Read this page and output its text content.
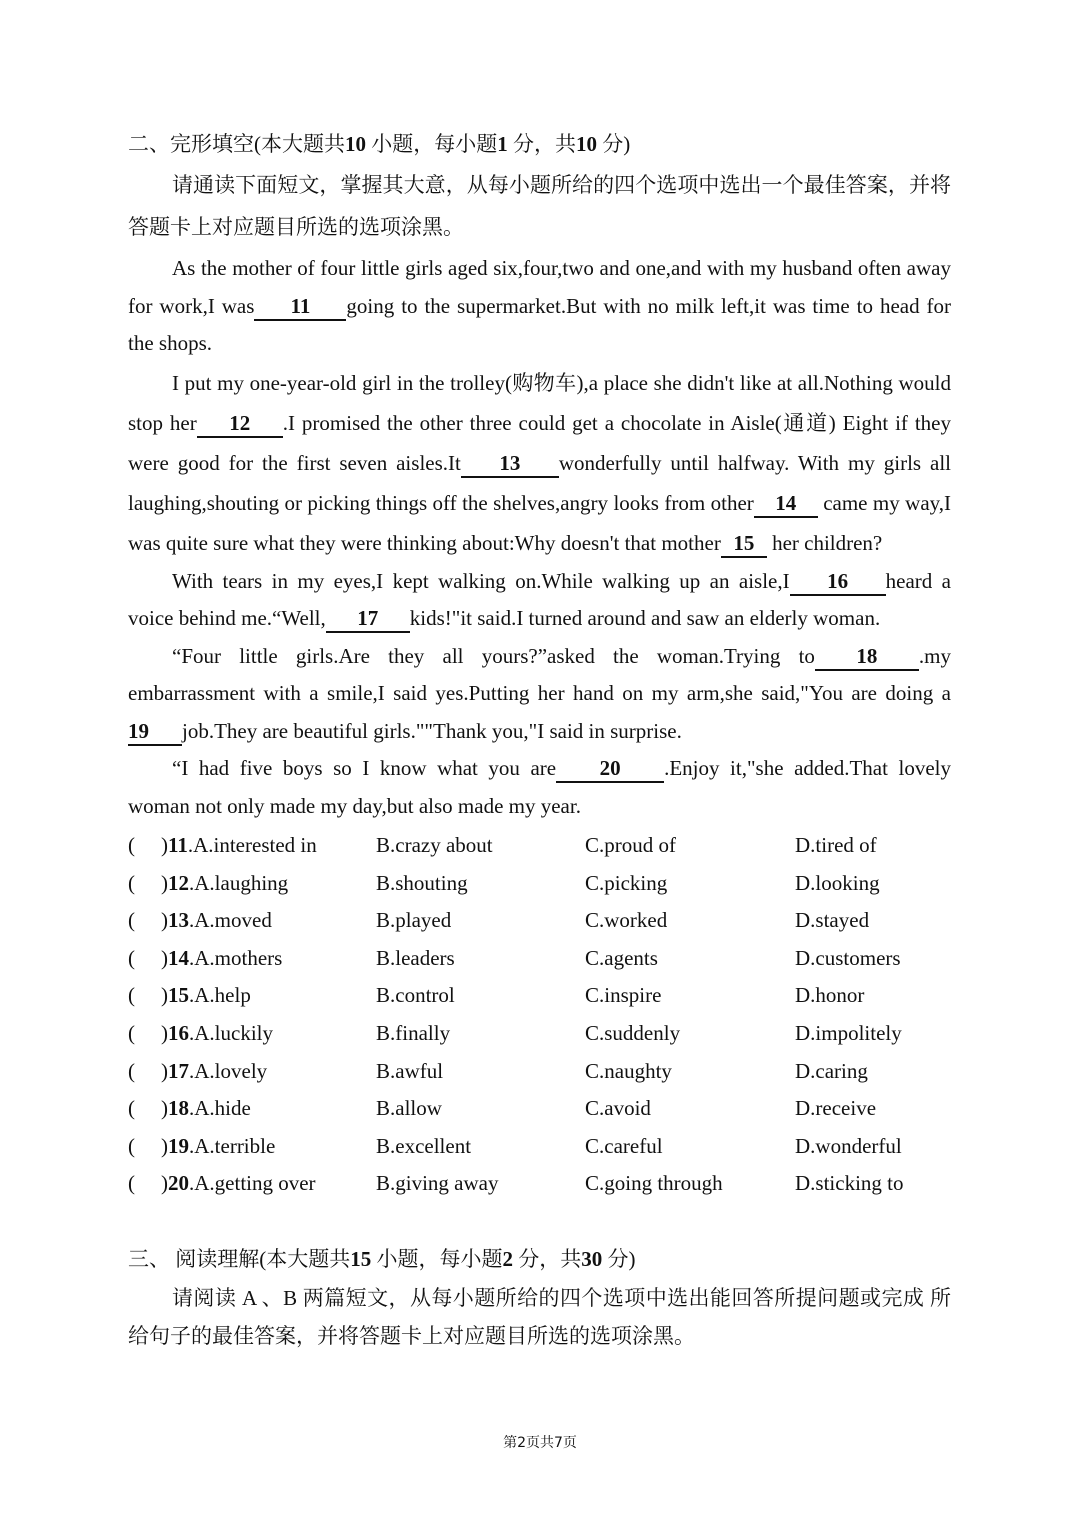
二、完形填空(本大题共10 小题，每小题1 分，共10 分)

请通读下面短文，掌握其大意，从每小题所给的四个选项中选出一个最佳答案，并将答题卡上对应题目所选的选项涂黑。

As the mother of four little girls aged six,four,two and one,and with my husband often away for work,I was 11 going to the supermarket.But with no milk left,it was time to head for the shops.

I put my one-year-old girl in the trolley(购物车),a place she didn't like at all.Nothing would stop her 12 .I promised the other three could get a chocolate in Aisle(通道) Eight if they were good for the first seven aisles.It 13 wonderfully until halfway. With my girls all laughing,shouting or picking things off the shelves,angry looks from other 14 came my way,I was quite sure what they were thinking about:Why doesn't that mother 15 her children?

With tears in my eyes,I kept walking on.While walking up an aisle,I 16 heard a voice behind me.“Well, 17 kids!"it said.I turned around and saw an elderly woman.

“Four little girls.Are they all yours?”asked the woman.Trying to 18 .my embarrassment with a smile,I said yes.Putting her hand on my arm,she said,"You are doing a 19 job.They are beautiful girls.""Thank you,"I said in surprise.

“I had five boys so I know what you are 20 .Enjoy it,"she added.That lovely woman not only made my day,but also made my year.

( ) 11.A.interested in	B.crazy about	C.proud of	D.tired of
( ) 12.A.laughing	B.shouting	C.picking	D.looking
( ) 13.A.moved	B.played	C.worked	D.stayed
( ) 14.A.mothers	B.leaders	C.agents	D.customers
( ) 15.A.help	B.control	C.inspire	D.honor
( ) 16.A.luckily	B.finally	C.suddenly	D.impolitely
( ) 17.A.lovely	B.awful	C.naughty	D.caring
( ) 18.A.hide	B.allow	C.avoid	D.receive
( ) 19.A.terrible	B.excellent	C.careful	D.wonderful
( ) 20.A.getting over	B.giving away	C.going through	D.sticking to

三、 阅读理解(本大题共15 小题，每小题2 分，共30 分)

请阅读 A 、B 两篇短文，从每小题所给的四个选项中选出能回答所提问题或完成 所给句子的最佳答案，并将答题卡上对应题目所选的选项涂黑。

第2页共7页
